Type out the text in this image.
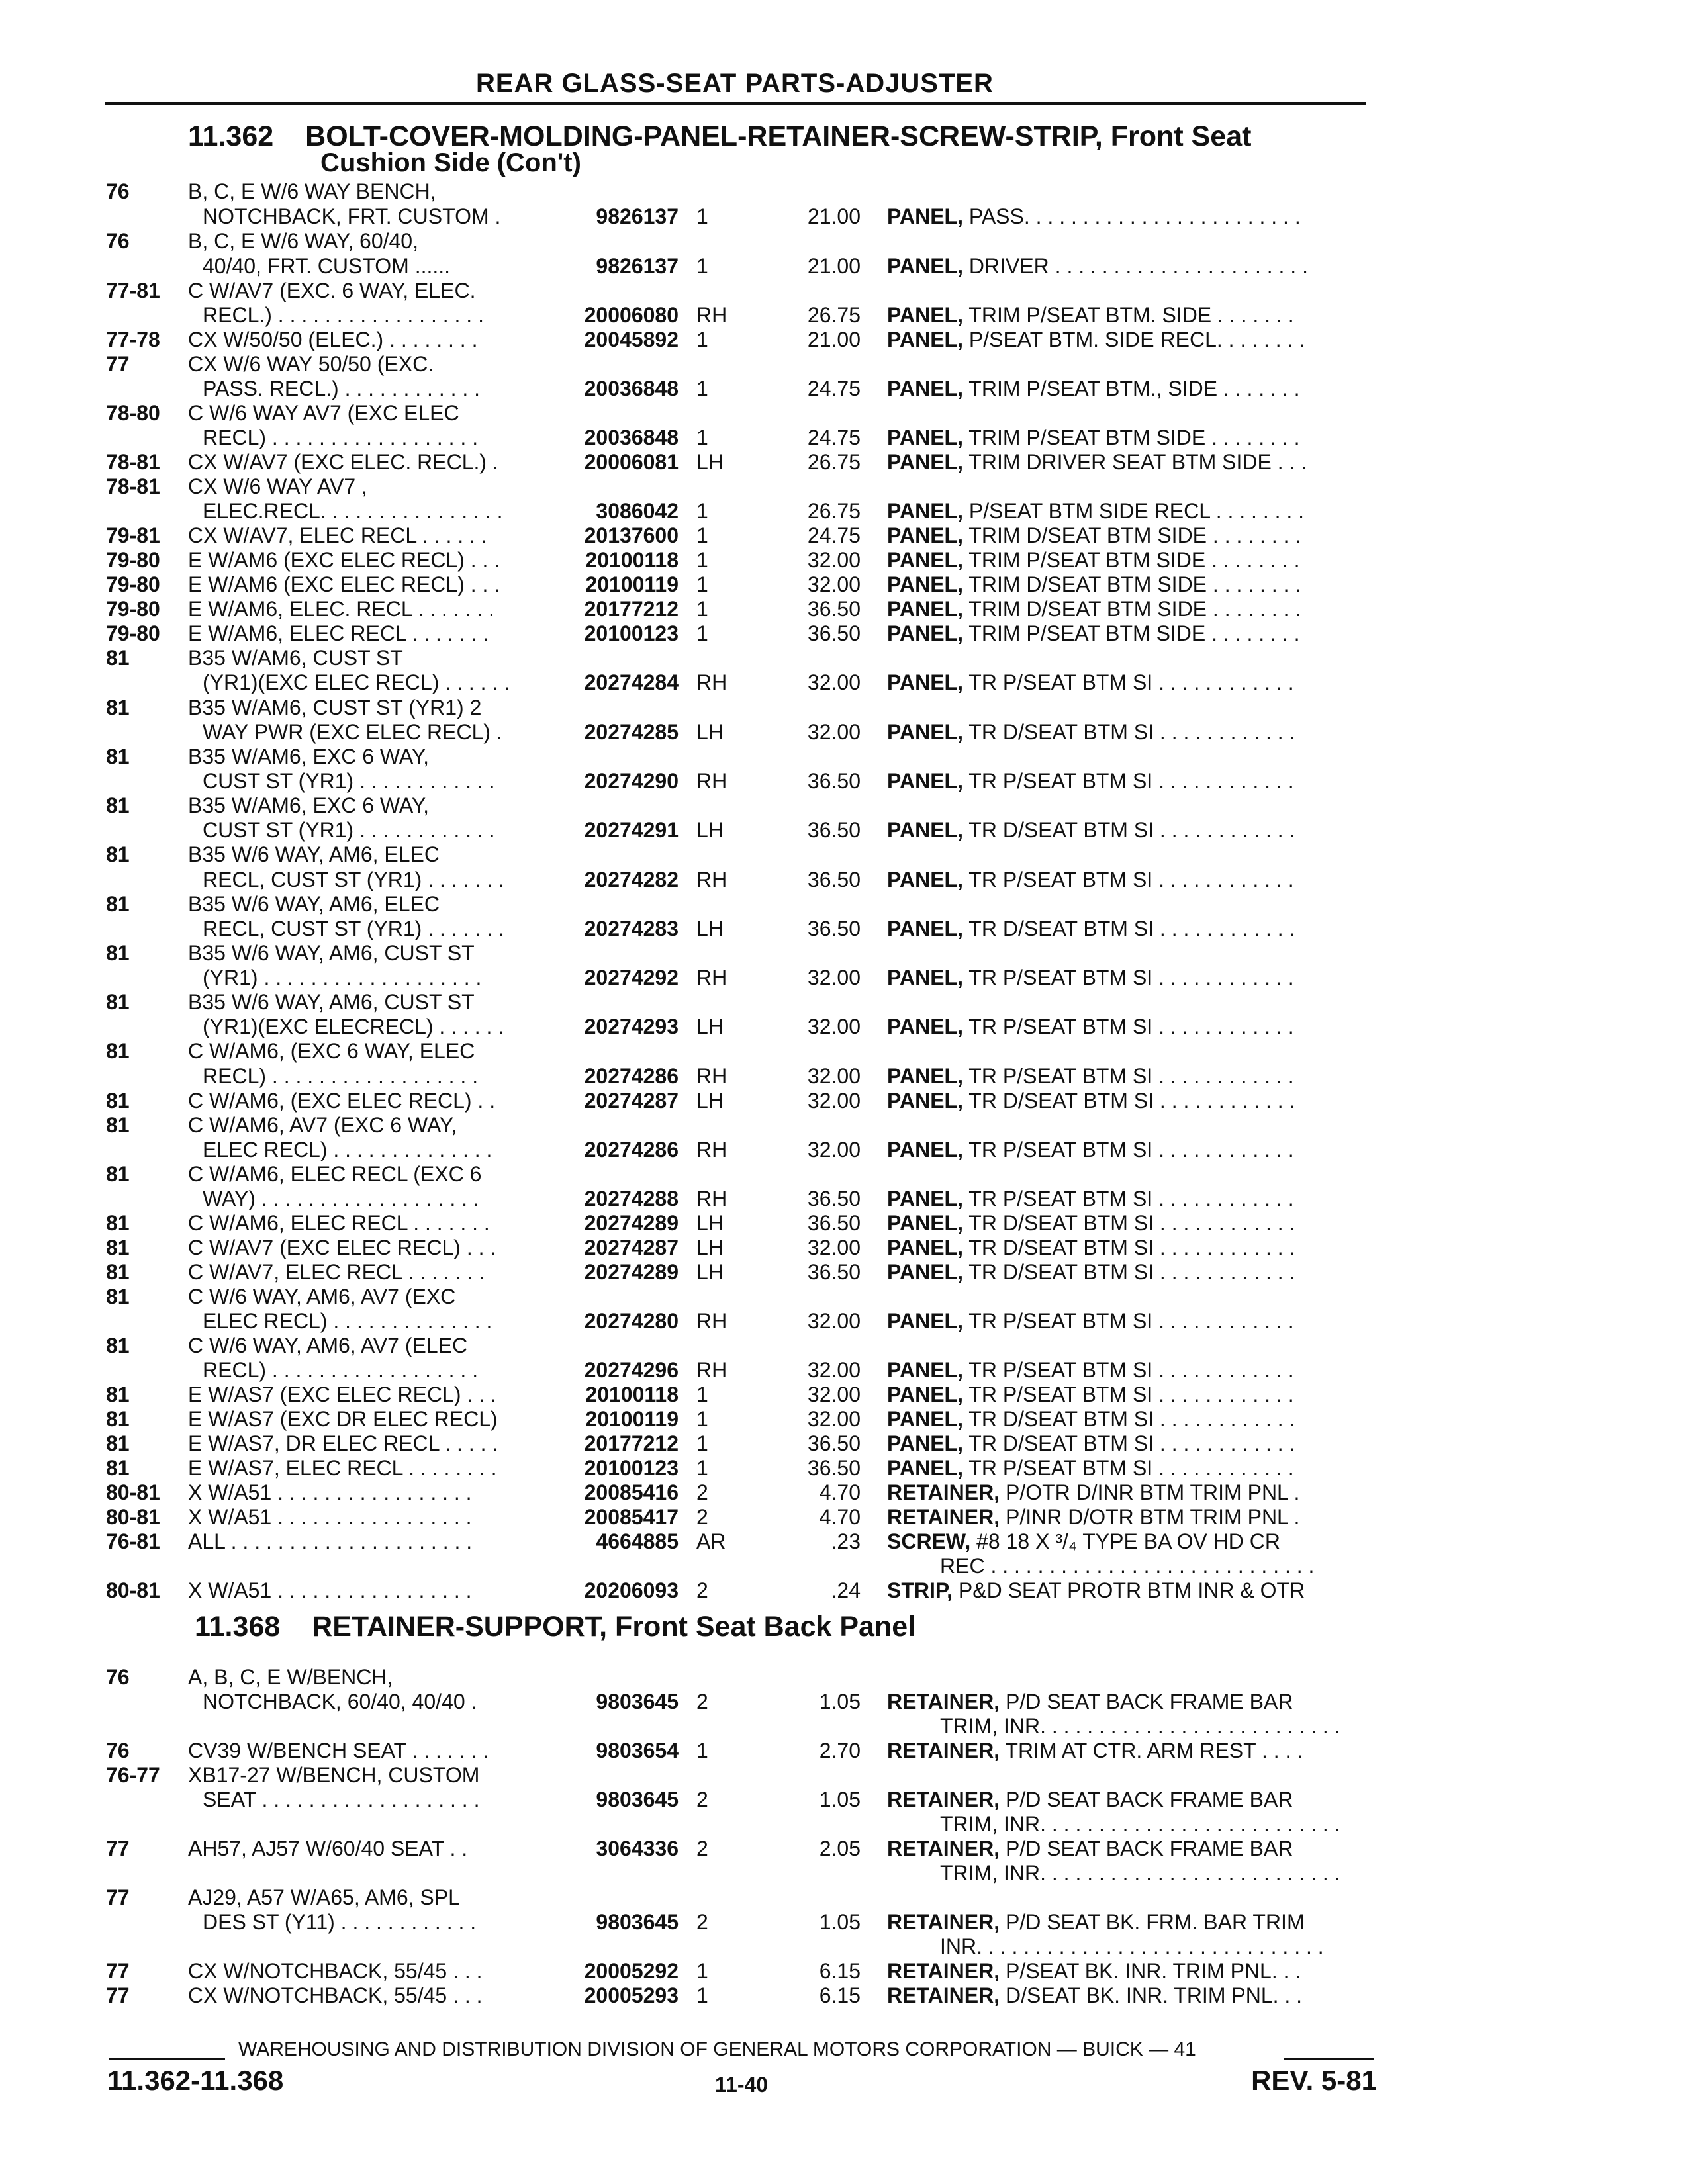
REAR GLASS-SEAT PARTS-ADJUSTER
11.362 BOLT-COVER-MOLDING-PANEL-RETAINER-SCREW-STRIP, Front Seat
Cushion Side (Con't)
11.368 RETAINER-SUPPORT, Front Seat Back Panel
76	B, C, E W/6 WAY BENCH,
NOTCHBACK, FRT. CUSTOM .	9826137 1	21.00 PANEL, PASS. . . . . . . . . . . . . . . . . . . . . . . .
76	B, C, E W/6 WAY, 60/40,
40/40, FRT. CUSTOM ......	9826137 1	21.00 PANEL, DRIVER . . . . . . . . . . . . . . . . . . . . . .
77-81 C W/AV7 (EXC. 6 WAY, ELEC.
RECL.) . . . . . . . . . . . . . . . . . .	20006080 RH	26.75 PANEL, TRIM P/SEAT BTM. SIDE . . . . . . .
77-78 CX W/50/50 (ELEC.) . . . . . . . .	20045892 1	21.00 PANEL, P/SEAT BTM. SIDE RECL. . . . . . . .
77	CX W/6 WAY 50/50 (EXC.
PASS. RECL.) . . . . . . . . . . . .	20036848 1	24.75 PANEL, TRIM P/SEAT BTM., SIDE . . . . . . .
78-80 C W/6 WAY AV7 (EXC ELEC
RECL) . . . . . . . . . . . . . . . . . .	20036848 1	24.75 PANEL, TRIM P/SEAT BTM SIDE . . . . . . . .
78-81 CX W/AV7 (EXC ELEC. RECL.) .	20006081 LH	26.75 PANEL, TRIM DRIVER SEAT BTM SIDE . . .
78-81 CX W/6 WAY AV7 ,
ELEC.RECL. . . . . . . . . . . . . . . .	3086042 1	26.75 PANEL, P/SEAT BTM SIDE RECL . . . . . . . .
79-81 CX W/AV7, ELEC RECL . . . . . .	20137600 1	24.75 PANEL, TRIM D/SEAT BTM SIDE . . . . . . . .
79-80 E W/AM6 (EXC ELEC RECL) . . .	20100118 1	32.00 PANEL, TRIM P/SEAT BTM SIDE . . . . . . . .
79-80 E W/AM6 (EXC ELEC RECL) . . .	20100119 1	32.00 PANEL, TRIM D/SEAT BTM SIDE . . . . . . . .
79-80 E W/AM6, ELEC. RECL . . . . . . .	20177212 1	36.50 PANEL, TRIM D/SEAT BTM SIDE . . . . . . . .
79-80 E W/AM6, ELEC RECL . . . . . . .	20100123 1	36.50 PANEL, TRIM P/SEAT BTM SIDE . . . . . . . .
81	B35 W/AM6, CUST ST
(YR1)(EXC ELEC RECL) . . . . . .	20274284 RH	32.00 PANEL, TR P/SEAT BTM SI . . . . . . . . . . . .
81	B35 W/AM6, CUST ST (YR1) 2
WAY PWR (EXC ELEC RECL) .	20274285 LH	32.00 PANEL, TR D/SEAT BTM SI . . . . . . . . . . . .
81	B35 W/AM6, EXC 6 WAY,
CUST ST (YR1) . . . . . . . . . . . .	20274290 RH	36.50 PANEL, TR P/SEAT BTM SI . . . . . . . . . . . .
81	B35 W/AM6, EXC 6 WAY,
CUST ST (YR1) . . . . . . . . . . . .	20274291 LH	36.50 PANEL, TR D/SEAT BTM SI . . . . . . . . . . . .
81	B35 W/6 WAY, AM6, ELEC
RECL, CUST ST (YR1) . . . . . . .	20274282 RH	36.50 PANEL, TR P/SEAT BTM SI . . . . . . . . . . . .
81	B35 W/6 WAY, AM6, ELEC
RECL, CUST ST (YR1) . . . . . . .	20274283 LH	36.50 PANEL, TR D/SEAT BTM SI . . . . . . . . . . . .
81	B35 W/6 WAY, AM6, CUST ST
(YR1) . . . . . . . . . . . . . . . . . . .	20274292 RH	32.00 PANEL, TR P/SEAT BTM SI . . . . . . . . . . . .
81	B35 W/6 WAY, AM6, CUST ST
(YR1)(EXC ELECRECL) . . . . . .	20274293 LH	32.00 PANEL, TR P/SEAT BTM SI . . . . . . . . . . . .
81	C W/AM6, (EXC 6 WAY, ELEC
RECL) . . . . . . . . . . . . . . . . . .	20274286 RH	32.00 PANEL, TR P/SEAT BTM SI . . . . . . . . . . . .
81	C W/AM6, (EXC ELEC RECL) . .	20274287 LH	32.00 PANEL, TR D/SEAT BTM SI . . . . . . . . . . . .
81	C W/AM6, AV7 (EXC 6 WAY,
ELEC RECL) . . . . . . . . . . . . . .	20274286 RH	32.00 PANEL, TR P/SEAT BTM SI . . . . . . . . . . . .
81	C W/AM6, ELEC RECL (EXC 6
WAY) . . . . . . . . . . . . . . . . . . .	20274288 RH	36.50 PANEL, TR P/SEAT BTM SI . . . . . . . . . . . .
81	C W/AM6, ELEC RECL . . . . . . .	20274289 LH	36.50 PANEL, TR D/SEAT BTM SI . . . . . . . . . . . .
81	C W/AV7 (EXC ELEC RECL) . . .	20274287 LH	32.00 PANEL, TR D/SEAT BTM SI . . . . . . . . . . . .
81	C W/AV7, ELEC RECL . . . . . . .	20274289 LH	36.50 PANEL, TR D/SEAT BTM SI . . . . . . . . . . . .
81	C W/6 WAY, AM6, AV7 (EXC
ELEC RECL) . . . . . . . . . . . . . .	20274280 RH	32.00 PANEL, TR P/SEAT BTM SI . . . . . . . . . . . .
81	C W/6 WAY, AM6, AV7 (ELEC
RECL) . . . . . . . . . . . . . . . . . .	20274296 RH	32.00 PANEL, TR P/SEAT BTM SI . . . . . . . . . . . .
81	E W/AS7 (EXC ELEC RECL) . . .	20100118 1	32.00 PANEL, TR P/SEAT BTM SI . . . . . . . . . . . .
81	E W/AS7 (EXC DR ELEC RECL)	20100119 1	32.00 PANEL, TR D/SEAT BTM SI . . . . . . . . . . . .
81	E W/AS7, DR ELEC RECL . . . . .	20177212 1	36.50 PANEL, TR D/SEAT BTM SI . . . . . . . . . . . .
81	E W/AS7, ELEC RECL . . . . . . . .	20100123 1	36.50 PANEL, TR P/SEAT BTM SI . . . . . . . . . . . .
80-81 X W/A51 . . . . . . . . . . . . . . . . .	20085416 2	4.70 RETAINER, P/OTR D/INR BTM TRIM PNL .
80-81 X W/A51 . . . . . . . . . . . . . . . . .	20085417 2	4.70 RETAINER, P/INR D/OTR BTM TRIM PNL .
76-81 ALL . . . . . . . . . . . . . . . . . . . . .	4664885 AR	.23 SCREW, #8 18 X ³/₄ TYPE BA OV HD CR
REC . . . . . . . . . . . . . . . . . . . . . . . . . . . .
80-81 X W/A51 . . . . . . . . . . . . . . . . .	20206093 2	.24 STRIP, P&D SEAT PROTR BTM INR & OTR
76	A, B, C, E W/BENCH,
NOTCHBACK, 60/40, 40/40 .	9803645 2	1.05 RETAINER, P/D SEAT BACK FRAME BAR
TRIM, INR. . . . . . . . . . . . . . . . . . . . . . . . . .
76	CV39 W/BENCH SEAT . . . . . . .	9803654 1	2.70 RETAINER, TRIM AT CTR. ARM REST . . . .
76-77 XB17-27 W/BENCH, CUSTOM
SEAT . . . . . . . . . . . . . . . . . . .	9803645 2	1.05 RETAINER, P/D SEAT BACK FRAME BAR
TRIM, INR. . . . . . . . . . . . . . . . . . . . . . . . . .
77	AH57, AJ57 W/60/40 SEAT . .	3064336 2	2.05 RETAINER, P/D SEAT BACK FRAME BAR
TRIM, INR. . . . . . . . . . . . . . . . . . . . . . . . . .
77	AJ29, A57 W/A65, AM6, SPL
DES ST (Y11) . . . . . . . . . . . .	9803645 2	1.05 RETAINER, P/D SEAT BK. FRM. BAR TRIM
INR. . . . . . . . . . . . . . . . . . . . . . . . . . . . . .
77	CX W/NOTCHBACK, 55/45 . . .	20005292 1	6.15 RETAINER, P/SEAT BK. INR. TRIM PNL. . .
77	CX W/NOTCHBACK, 55/45 . . .	20005293 1	6.15 RETAINER, D/SEAT BK. INR. TRIM PNL. . .
WAREHOUSING AND DISTRIBUTION DIVISION OF GENERAL MOTORS CORPORATION — BUICK — 41
11.362-11.368	11-40	REV. 5-81
